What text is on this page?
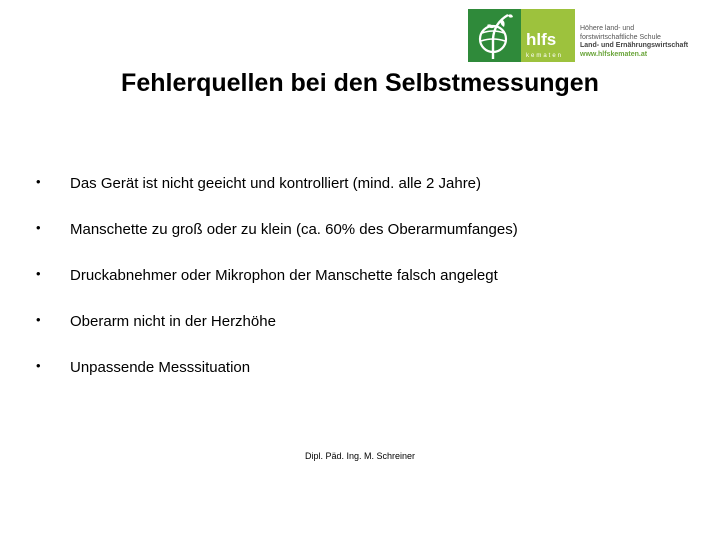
hlfs
kematen
Höhere land- und
forstwirtschaftliche Schule
Land- und Ernährungswirtschaft
www.hlfskematen.at
Fehlerquellen bei den Selbstmessungen
• Das Gerät ist nicht geeicht und kontrolliert (mind. alle 2 Jahre)
• Manschette zu groß oder zu klein (ca. 60% des Oberarmumfanges)
• Druckabnehmer oder Mikrophon der Manschette falsch angelegt
• Oberarm nicht in der Herzhöhe
• Unpassende Messsituation
Dipl. Päd. Ing. M. Schreiner
